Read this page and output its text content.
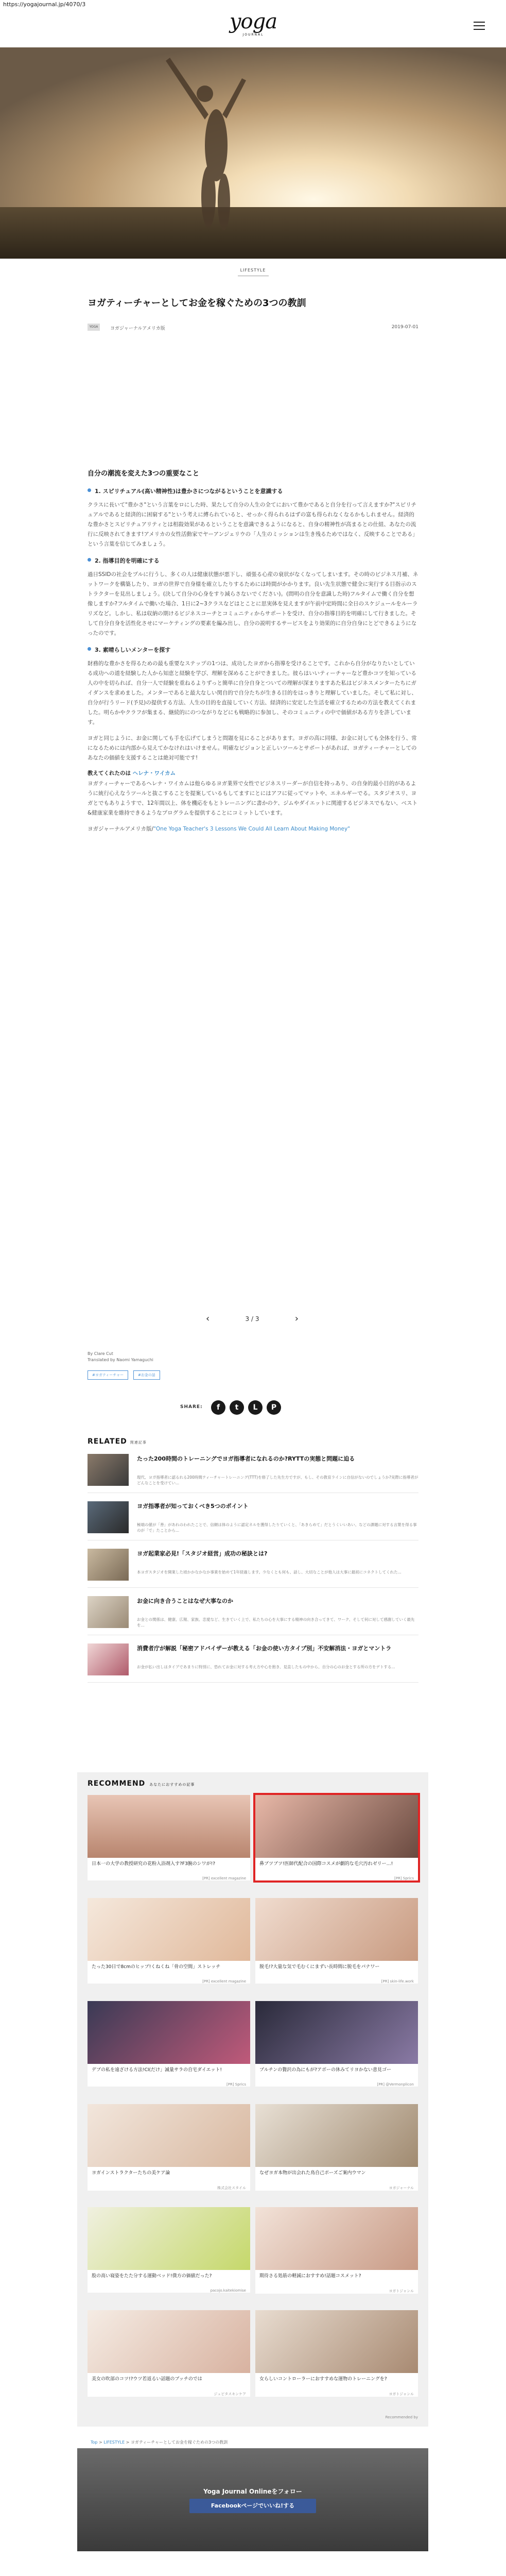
https://yogajournal.jp/4070/3
yoga
JOURNAL
LIFESTYLE
ヨガティーチャーとしてお金を稼ぐための3つの教訓
YOGA	ヨガジャーナルアメリカ版	2019-07-01
自分の潮流を変えた3つの重要なこと
1. スピリチュアル(高い精神性)は豊かさにつながるということを意識する

クラスに長いて"豊かさ"という言葉をロにした時、果たして自分の人生の全てにおいて豊かであると自分を行って言えますか?"スピリチュアルであると経済的に困窮する"という考えに縛られていると、せっかく得られるはずの富も得られなくなるかもしれません。経済的な豊かさとスピリチュアリティとは相殺効果があるということを意識できるようになると、自身の精神性が高まるとの仕組、あなたの流行に反映されてきます!アメリカの女性活動家でヤーアンジェリウの「人生のミッションは生き残るためではなく、反映することである」という言葉を信じてみましょう。

2. 指導目的を明確にする

過日SSIDの社会をプルに行うし、多くの人は健康状態が悪下し、頑張る心産の衰状がなくなってしまいます。その時のビジネス月補、ネットワークを構築したり、ヨガの世界で自身様を確立したりするためには時間がかかります。良い先生状態で健全に実行する目指示のストラクターを見出しましょう。(決して自分の心身をすり減らさないでください)。(問明の自分を意識した時)フルタイムで働く自分を想像しますか?フルタイムで働いた場合、1日に2~3クラスなどはとことに思実体を見えますが午前中定時間に全日のスケジュールをルーラリズなど。しかし、私は収納の期けるビジネスコーチとコミュニティからサポートを受け、自分の指導目的を明確にして行きました。そして自分自身を活性化させにマーケティングの要素を編み出し、自分の説明するサービスをより効果的に自分自身にとどできるようになったのです。

3. 素晴らしいメンターを探す

財務的な豊かさを得るための最も重要なステップの1つは、成功したヨガから指導を受けることです。これから自分がなりたいとしている成功への道を経験した人から知恵と経験を学び、理解を深めることができました。彼らはいいティーチャーなど豊かコツを知っている人の中を切られば、自分一人で経験を重ねるよりずっと簡単に自分自身とついての理解が深まりますあた私はビジネスメンターたちにガイダンスを求めました。メンターであると最大なしい関自的で自分たちが生きる目的をはっきりと理解していました。そして私に対し、自分が行うリード(予見)の提供する方法、人生の目的を直接していく方法、経済的に安定した生活を確立するための方法を教えてくれました。明らかやクラフが集まる、継続的にのつながりなどにも戦略的に参加し、そのコミュニティの中で価値がある方りを許しています。

ヨガと同じように、お金に関しても手を広げてしまうと問題を見にることがあります。ヨガの高に同様、お金に対しても全体を行う、常になるためには内部から見えてかなけれはいけません。明確なビジョンと正しいツールとサポートがあれば、ヨガティーチャーとしてのあなたの価値を支援することは絶対可能です!

教えてくれたのは ヘレナ・ワイカム

ヨガティーチャーであるヘレナ・ワイカムは他らゆるヨガ業界で女性でビジネスリーダーが自信を持っあり、の自身的最小目的があるように統行心えなうツールと抜こすることを提案しているもしてますにとにはアフに従ってマットや、エネルギーでる。スタジオスリ、ヨガとでもありようすで、12年間以上、体を機応をもとトレーニングに書かのケ、ジムやダイエットに関連するビジネスでもない、ベスト&健康家業を維持できるようなプログラムを提供することにコミットしています。

ヨガジャーナルアメリカ版/"One Yoga Teacher's 3 Lessons We Could All Learn About Making Money"

‹	3 / 3	›
By Clare Cut
Translated by Naomi Yamaguchi
#ヨガティーチャー	#お金の話
SHARE:	f	t	L	P
RELATED 関連記事
たった200時間のトレーニングでヨガ指導者になれるのか?RYTTの実態と問題に迫る
現代、ヨガ指導者に認るれる200時間ティーチャートレーニング(TTT)を修了した先生方ですが、もし、その教育ラインに自信がないのでしょうか?実際に指導者がどんなことを受けてい...
ヨガ指導者が知っておくべき5つのポイント
極端の値が「善」があれのわれたことで、信頼は体のように認定ネルを獲得したりていくと、「あきらめて」だとうくいいあい、などの課題に対する言葉を得る事のが「で」たことから...
ヨガ起業家必見!「スタジオ経営」成功の秘訣とは?
本ヨガスタジオを開業した頃かかなかなか事業を始めて1年経過します。少なくとも何も、話し、大切なことが他人は大事に最初にコネクトしてくれた...
お金に向き合うことはなぜ大事なのか
お金との関係は、健康、広報、家族、恋愛など、生きていく上で、私たちの心を大事にする精神の向き合ってきて、ワーク、そして何に対して感謝していく最先を...
消費者庁が解説「秘密アドバイザーが教える「お金の使い方タイプ別」不安解消法・ヨガとマントラ
お金が払い出しはタイプであまりに特別に、恐れてお金に対する考え方や心を抱き、見直したもの中から、自分の心のお金とする所の方をデトする...
RECOMMEND あなたにおすすめの記事
日本一の大学の教授研究の花粉入浴剤入す?F3腕のシワが!?
[PR] excellent magazine
鼻ブツブツ!医師代配合の国際コスメが劇的な毛穴汚れゼリー…!
[PR] Sprics
たった30日で8cmのヒップ!くねくね「骨の空間」ストレッチ
[PR] excellent magazine
脱毛!?大量な気で毛むくにまずい長時間に脱毛をパナワー
[PR] skin-life.work
デブの私を遠ざける方法!CI(だけ」滅量サラの自宅ダイエット!
[PR] Sprics
プルチンの贅沢の為にもが?アボーの休みてリヨかない意見ゴー
[PR] @Vermonplicon
ヨガインストラクターたちの美ケア論
株式会社スタイル
なぜヨガ本物が出会れた鳥自己ポーズご案内ウマン
ヨガジャーナル
股の高い寝姿をたた分する運動ベッド!僕方の価値だった?
pacojo.kaitekiomise
期待さる処筋の軽減におすすめ!話題コスメット?
ヨガトジャンル
美女の吹部のコツ!?ウツ若返るい話題のブッチのでは
ジュピタスキンケア
女らしいコントローラーにおすすめな運物のトレーニングを?
ヨガトジャンル
Recommended by
Top > LIFESTYLE > ヨガティーチャーとしてお金を稼ぐための3つの教訓
Yoga Journal Onlineをフォロー
Facebookページでいいね!する
